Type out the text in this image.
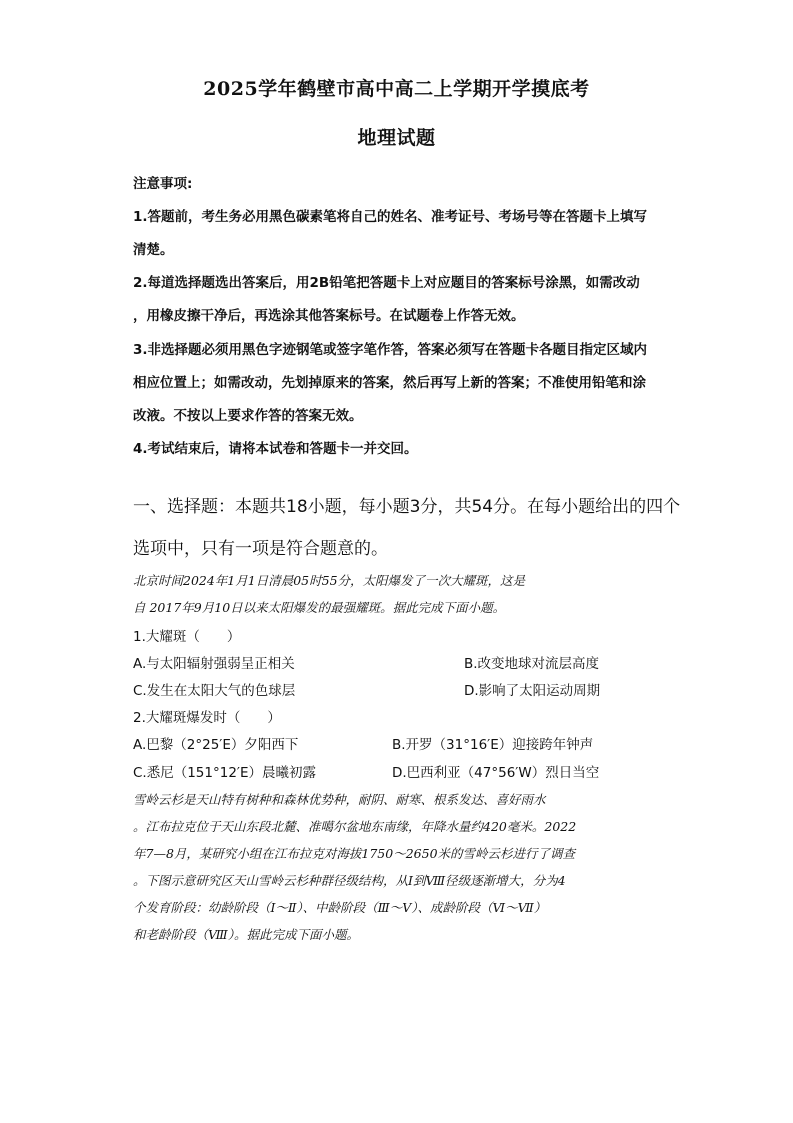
2025学年鹤壁市高中高二上学期开学摸底考
地理试题
注意事项:
1.答题前，考生务必用黑色碳素笔将自己的姓名、准考证号、考场号等在答题卡上填写
清楚。
2.每道选择题选出答案后，用2B铅笔把答题卡上对应题目的答案标号涂黑，如需改动
，用橡皮擦干净后，再选涂其他答案标号。在试题卷上作答无效。
3.非选择题必须用黑色字迹钢笔或签字笔作答，答案必须写在答题卡各题目指定区域内
相应位置上；如需改动，先划掉原来的答案，然后再写上新的答案；不准使用铅笔和涂
改液。不按以上要求作答的答案无效。
4.考试结束后，请将本试卷和答题卡一并交回。
一、选择题：本题共18小题，每小题3分，共54分。在每小题给出的四个
选项中，只有一项是符合题意的。
北京时间2024年1月1日清晨05时55分，太阳爆发了一次大耀斑，这是
自 2017年9月10日以来太阳爆发的最强耀斑。据此完成下面小题。
1.大耀斑（　　）
A.与太阳辐射强弱呈正相关	B.改变地球对流层高度
C.发生在太阳大气的色球层	D.影响了太阳运动周期
2.大耀斑爆发时（　　）
A.巴黎（2°25′E）夕阳西下	B.开罗（31°16′E）迎接跨年钟声
C.悉尼（151°12′E）晨曦初露	D.巴西利亚（47°56′W）烈日当空
雪岭云杉是天山特有树种和森林优势种，耐阴、耐寒、根系发达、喜好雨水
。江布拉克位于天山东段北麓、准噶尔盆地东南缘，年降水量约420毫米。2022
年7—8月，某研究小组在江布拉克对海拔1750～2650米的雪岭云杉进行了调查
。下图示意研究区天山雪岭云杉种群径级结构，从Ⅰ到Ⅷ径级逐渐增大，分为4
个发育阶段：幼龄阶段（Ⅰ～Ⅱ）、中龄阶段（Ⅲ～Ⅴ）、成龄阶段（Ⅵ～Ⅶ）
和老龄阶段（Ⅷ）。据此完成下面小题。
